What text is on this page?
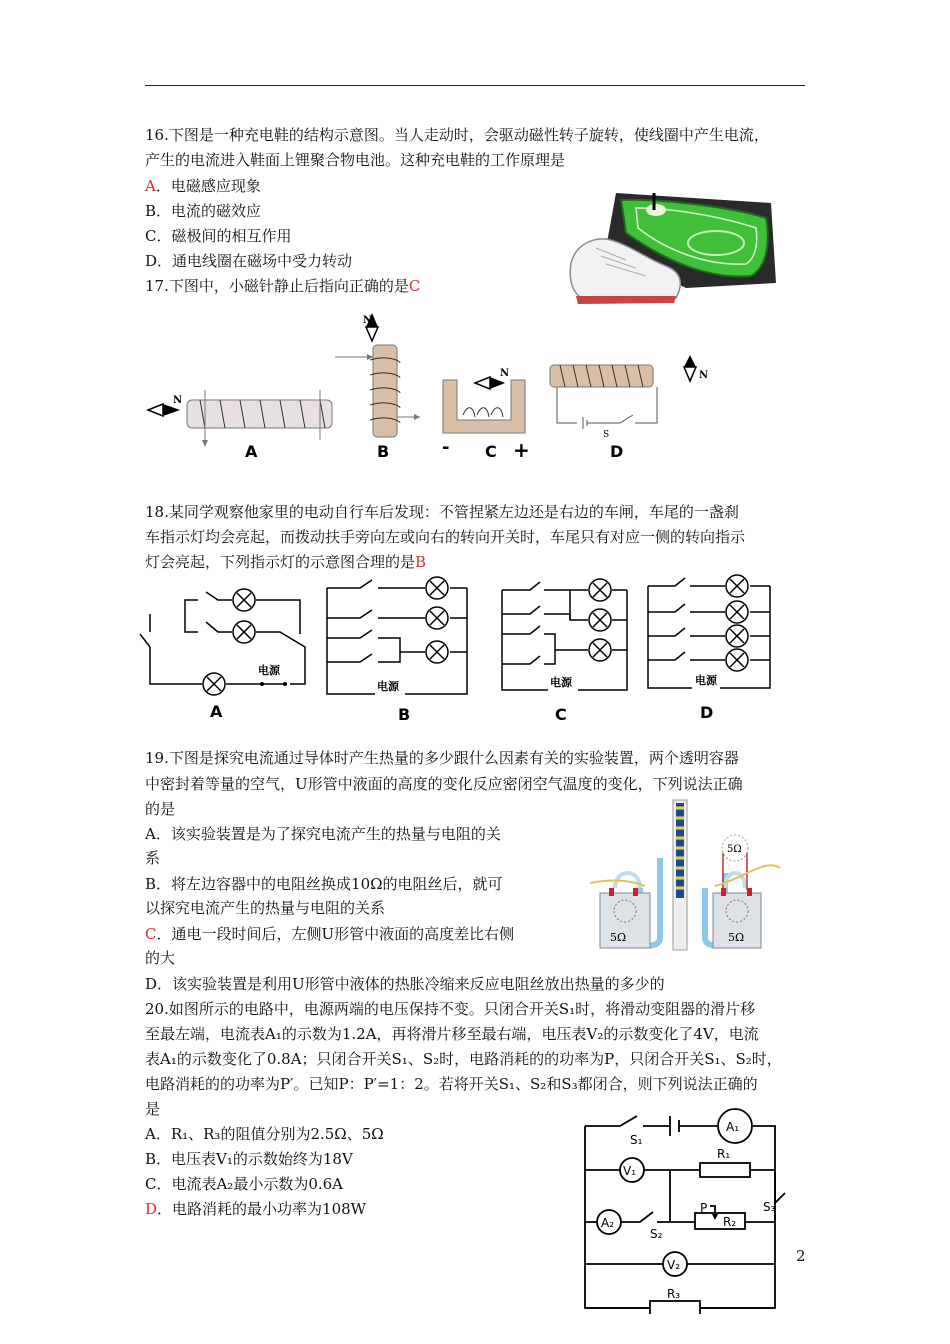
16.下图是一种充电鞋的结构示意图。当人走动时，会驱动磁性转子旋转，使线圈中产生电流，
产生的电流进入鞋面上锂聚合物电池。这种充电鞋的工作原理是
A．电磁感应现象
B．电流的磁效应
C．磁极间的相互作用
D．通电线圈在磁场中受力转动
17.下图中，小磁针静止后指向正确的是C
N
A
N
B
N
- C +
S
N
D
18.某同学观察他家里的电动自行车后发现：不管捏紧左边还是右边的车闸，车尾的一盏刹
车指示灯均会亮起，而拨动扶手旁向左或向右的转向开关时，车尾只有对应一侧的转向指示
灯会亮起，下列指示灯的示意图合理的是B
电源
A
电源
B
电源
C
电源
D
19.下图是探究电流通过导体时产生热量的多少跟什么因素有关的实验装置，两个透明容器
中密封着等量的空气，U形管中液面的高度的变化反应密闭空气温度的变化，下列说法正确
的是
A．该实验装置是为了探究电流产生的热量与电阻的关
系
B．将左边容器中的电阻丝换成10Ω的电阻丝后，就可
以探究电流产生的热量与电阻的关系
C．通电一段时间后，左侧U形管中液面的高度差比右侧
的大
D．该实验装置是利用U形管中液体的热胀冷缩来反应电阻丝放出热量的多少的
5Ω	5Ω
5Ω
20.如图所示的电路中，电源两端的电压保持不变。只闭合开关S₁时，将滑动变阻器的滑片移
至最左端，电流表A₁的示数为1.2A，再将滑片移至最右端，电压表V₂的示数变化了4V，电流
表A₁的示数变化了0.8A；只闭合开关S₁、S₂时，电路消耗的的功率为P，只闭合开关S₁、S₂时，
电路消耗的的功率为P′。已知P：P′=1：2。若将开关S₁、S₂和S₃都闭合，则下列说法正确的
是
A．R₁、R₃的阻值分别为2.5Ω、5Ω
B．电压表V₁的示数始终为18V
C．电流表A₂最小示数为0.6A
D．电路消耗的最小功率为108W
S₁
A₁
V₁
R₁
P
R₂
S₃
A₂
S₂
V₂
R₃
2
